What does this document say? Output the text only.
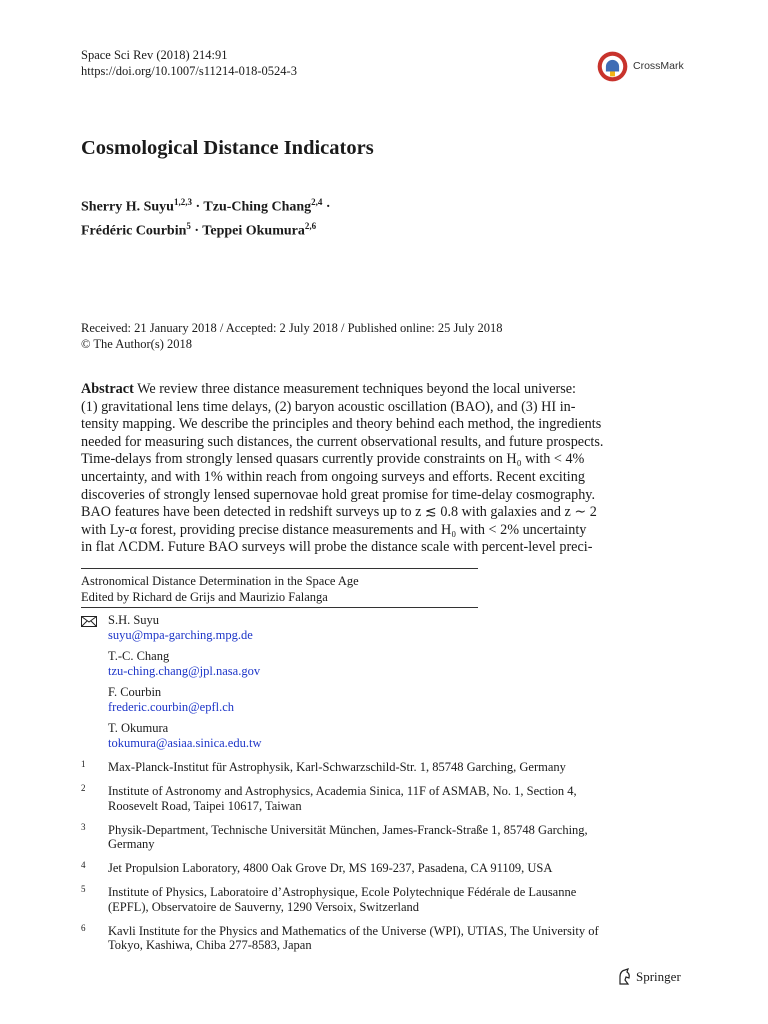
Space Sci Rev (2018) 214:91
https://doi.org/10.1007/s11214-018-0524-3	CrossMark
Cosmological Distance Indicators
Sherry H. Suyu$^{1,2,3}$ · Tzu-Ching Chang$^{2,4}$ ·
Frédéric Courbin$^5$ · Teppei Okumura$^{2,6}$
Received: 21 January 2018 / Accepted: 2 July 2018 / Published online: 25 July 2018
© The Author(s) 2018
Abstract We review three distance measurement techniques beyond the local universe:
(1) gravitational lens time delays, (2) baryon acoustic oscillation (BAO), and (3) HI in-
tensity mapping. We describe the principles and theory behind each method, the ingredients
needed for measuring such distances, the current observational results, and future prospects.
Time-delays from strongly lensed quasars currently provide constraints on H₀ with < 4%
uncertainty, and with 1% within reach from ongoing surveys and efforts. Recent exciting
discoveries of strongly lensed supernovae hold great promise for time-delay cosmography.
BAO features have been detected in redshift surveys up to z ≲ 0.8 with galaxies and z ∼ 2
with Ly-α forest, providing precise distance measurements and H₀ with < 2% uncertainty
in flat ΛCDM. Future BAO surveys will probe the distance scale with percent-level preci-
Astronomical Distance Determination in the Space Age
Edited by Richard de Grijs and Maurizio Falanga
S.H. Suyu
suyu@mpa-garching.mpg.de
T.-C. Chang
tzu-ching.chang@jpl.nasa.gov
F. Courbin
frederic.courbin@epfl.ch
T. Okumura
tokumura@asiaa.sinica.edu.tw
1 Max-Planck-Institut für Astrophysik, Karl-Schwarzschild-Str. 1, 85748 Garching, Germany
2 Institute of Astronomy and Astrophysics, Academia Sinica, 11F of ASMAB, No. 1, Section 4,
Roosevelt Road, Taipei 10617, Taiwan
3 Physik-Department, Technische Universität München, James-Franck-Straße 1, 85748 Garching,
Germany
4 Jet Propulsion Laboratory, 4800 Oak Grove Dr, MS 169-237, Pasadena, CA 91109, USA
5 Institute of Physics, Laboratoire d’Astrophysique, Ecole Polytechnique Fédérale de Lausanne
(EPFL), Observatoire de Sauverny, 1290 Versoix, Switzerland
6 Kavli Institute for the Physics and Mathematics of the Universe (WPI), UTIAS, The University of
Tokyo, Kashiwa, Chiba 277-8583, Japan
Springer
